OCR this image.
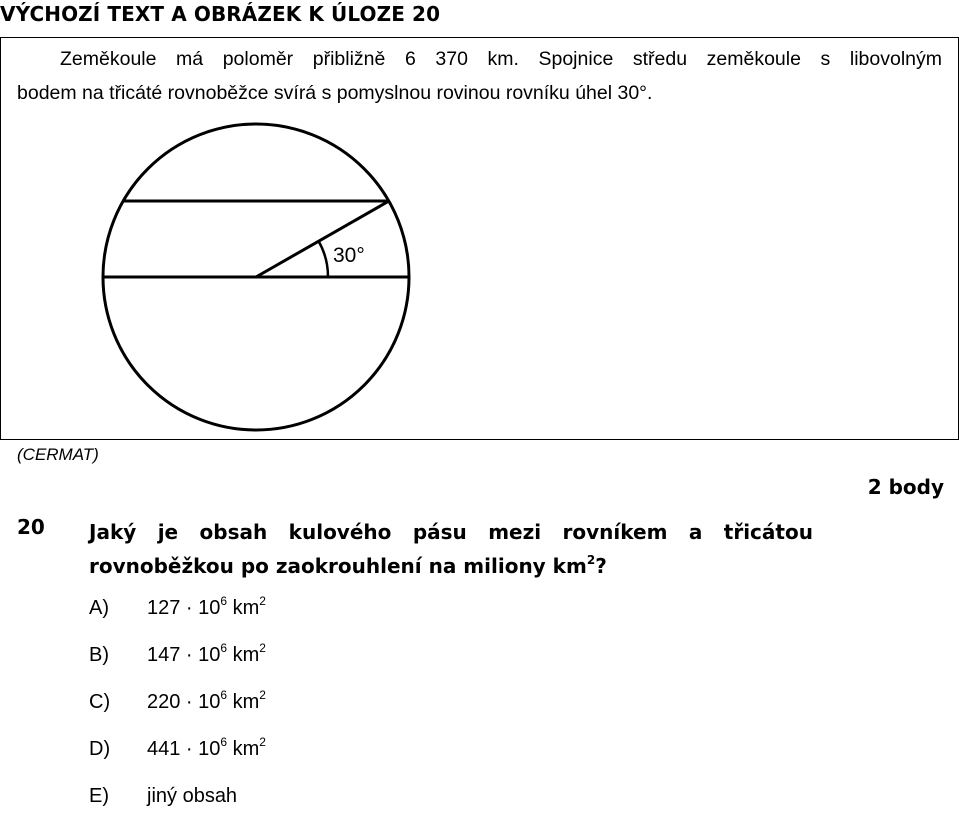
VÝCHOZÍ TEXT A OBRÁZEK K ÚLOZE 20
Zeměkoule má poloměr přibližně 6 370 km. Spojnice středu zeměkoule s libovolným
bodem na třicáté rovnoběžce svírá s pomyslnou rovinou rovníku úhel 30°.
30°
(CERMAT)
2 body
20 Jaký je obsah kulového pásu mezi rovníkem a třicátou
rovnoběžkou po zaokrouhlení na miliony $km^2$?
A) $127 \cdot 10^6$ $km^2$
B) $147 \cdot 10^6$ $km^2$
C) $220 \cdot 10^6$ $km^2$
D) $441 \cdot 10^6$ $km^2$
E) jiný obsah
